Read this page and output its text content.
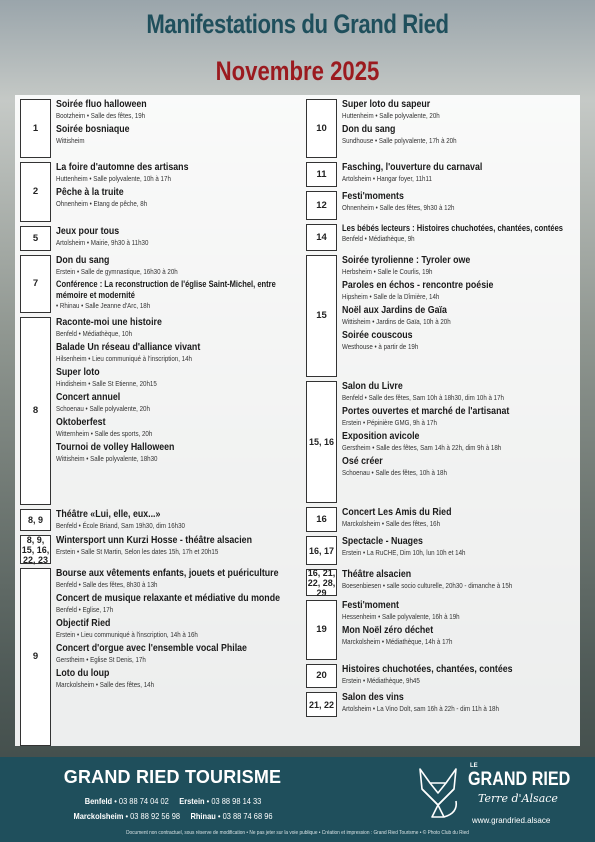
Manifestations du Grand Ried
Novembre 2025
1
Soirée fluo halloween
Bootzheim • Salle des fêtes, 19h
Soirée bosniaque
Wittisheim
2
La foire d'automne des artisans
Huttenheim • Salle polyvalente, 10h à 17h
Pêche à la truite
Ohnenheim • Etang de pêche, 8h
5
Jeux pour tous
Artolsheim • Mairie, 9h30 à 11h30
7
Don du sang
Erstein • Salle de gymnastique, 16h30 à 20h
Conférence : La reconstruction de l'église Saint-Michel, entre mémoire et modernité
• Rhinau • Salle Jeanne d'Arc, 18h
8
Raconte-moi une histoire
Benfeld • Médiathèque, 10h
Balade Un réseau d'alliance vivant
Hilsenheim • Lieu communiqué à l'inscription, 14h
Super loto
Hindisheim • Salle St Etienne, 20h15
Concert annuel
Schoenau • Salle polyvalente, 20h
Oktoberfest
Witternheim • Salle des sports, 20h
Tournoi de volley Halloween
Wittisheim • Salle polyvalente, 18h30
8, 9	Théâtre «Lui, elle, eux...»
Benfeld • École Briand, Sam 19h30, dim 16h30
8, 9, 15, 16, 22, 23
Wintersport unn Kurzi Hosse - théâtre alsacien
Erstein • Salle St Martin, Selon les dates 15h, 17h et 20h15
9
Bourse aux vêtements enfants, jouets et puériculture
Benfeld • Salle des fêtes, 8h30 à 13h
Concert de musique relaxante et médiative du monde
Benfeld • Eglise, 17h
Objectif Ried
Erstein • Lieu communiqué à l'inscription, 14h à 16h
Concert d'orgue avec l'ensemble vocal Philae
Gerstheim • Eglise St Denis, 17h
Loto du loup
Marckolsheim • Salle des fêtes, 14h
10
Super loto du sapeur
Huttenheim • Salle polyvalente, 20h
Don du sang
Sundhouse • Salle polyvalente, 17h à 20h
11
Fasching, l'ouverture du carnaval
Artolsheim • Hangar foyer, 11h11
12
Festi'moments
Ohnenheim • Salle des fêtes, 9h30 à 12h
14
Les bébés lecteurs : Histoires chuchotées, chantées, contées
Benfeld • Médiathèque, 9h
15
Soirée tyrolienne : Tyroler owe
Herbsheim • Salle le Courlis, 19h
Paroles en échos - rencontre poésie
Hipsheim • Salle de la Dîmière, 14h
Noël aux Jardins de Gaïa
Wittisheim • Jardins de Gaïa, 10h à 20h
Soirée couscous
Westhouse • à partir de 19h
15, 16
Salon du Livre
Benfeld • Salle des fêtes, Sam 10h à 18h30, dim 10h à 17h
Portes ouvertes et marché de l'artisanat
Erstein • Pépinière GMG, 9h à 17h
Exposition avicole
Gerstheim • Salle des fêtes, Sam 14h à 22h, dim 9h à 18h
Osé créer
Schoenau • Salle des fêtes, 10h à 18h
16
Concert Les Amis du Ried
Marckolsheim • Salle des fêtes, 16h
16, 17
Spectacle - Nuages
Erstein • La RuCHE, Dim 10h, lun 10h et 14h
16, 21, 22, 28, 29
Théâtre alsacien
Boesenbiesen • salle socio culturelle, 20h30 - dimanche à 15h
19
Festi'moment
Hessenheim • Salle polyvalente, 16h à 19h
Mon Noël zéro déchet
Marckolsheim • Médiathèque, 14h à 17h
20
Histoires chuchotées, chantées, contées
Erstein • Médiathèque, 9h45
21, 22
Salon des vins
Artolsheim • La Vino Dolt, sam 16h à 22h - dim 11h à 18h
GRAND RIED TOURISME
Benfeld • 03 88 74 04 02 Erstein • 03 88 98 14 33
Marckolsheim • 03 88 92 56 98 Rhinau • 03 88 74 68 96
LE
GRAND RIED
Terre d'Alsace
www.grandried.alsace
Document non contractuel, sous réserve de modification • Ne pas jeter sur la voie publique • Création et impression : Grand Ried Tourisme • © Photo Club du Ried
